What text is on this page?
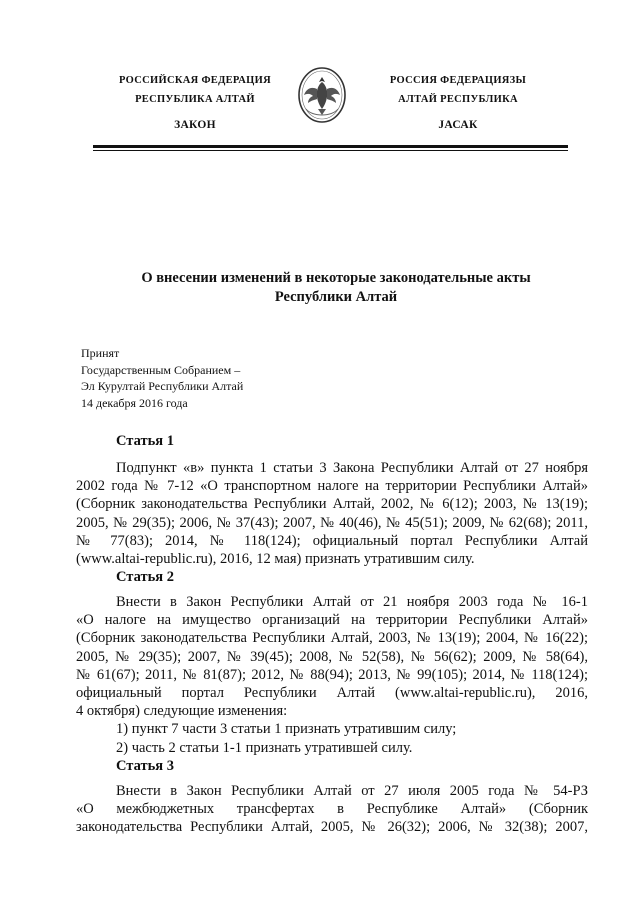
РОССИЙСКАЯ ФЕДЕРАЦИЯ
РЕСПУБЛИКА АЛТАЙ
ЗАКОН
РОССИЯ ФЕДЕРАЦИЯЗЫ
АЛТАЙ РЕСПУБЛИКА
JАСАК
О внесении изменений в некоторые законодательные акты
Республики Алтай
Принят
Государственным Собранием –
Эл Курултай Республики Алтай
14 декабря 2016 года
Статья 1
Подпункт «в» пункта 1 статьи 3 Закона Республики Алтай от 27 ноября
2002 года № 7-12 «О транспортном налоге на территории Республики Алтай»
(Сборник законодательства Республики Алтай, 2002, № 6(12); 2003, № 13(19);
2005, № 29(35); 2006, № 37(43); 2007, № 40(46), № 45(51); 2009, № 62(68); 2011,
№ 77(83); 2014, № 118(124); официальный портал Республики Алтай
(www.altai-republic.ru), 2016, 12 мая) признать утратившим силу.
Статья 2
Внести в Закон Республики Алтай от 21 ноября 2003 года № 16-1
«О налоге на имущество организаций на территории Республики Алтай»
(Сборник законодательства Республики Алтай, 2003, № 13(19); 2004, № 16(22);
2005, № 29(35); 2007, № 39(45); 2008, № 52(58), № 56(62); 2009, № 58(64),
№ 61(67); 2011, № 81(87); 2012, № 88(94); 2013, № 99(105); 2014, № 118(124);
официальный портал Республики Алтай (www.altai-republic.ru), 2016,
4 октября) следующие изменения:
1) пункт 7 части 3 статьи 1 признать утратившим силу;
2) часть 2 статьи 1-1 признать утратившей силу.
Статья 3
Внести в Закон Республики Алтай от 27 июля 2005 года № 54-РЗ
«О межбюджетных трансфертах в Республике Алтай» (Сборник
законодательства Республики Алтай, 2005, № 26(32); 2006, № 32(38); 2007,
